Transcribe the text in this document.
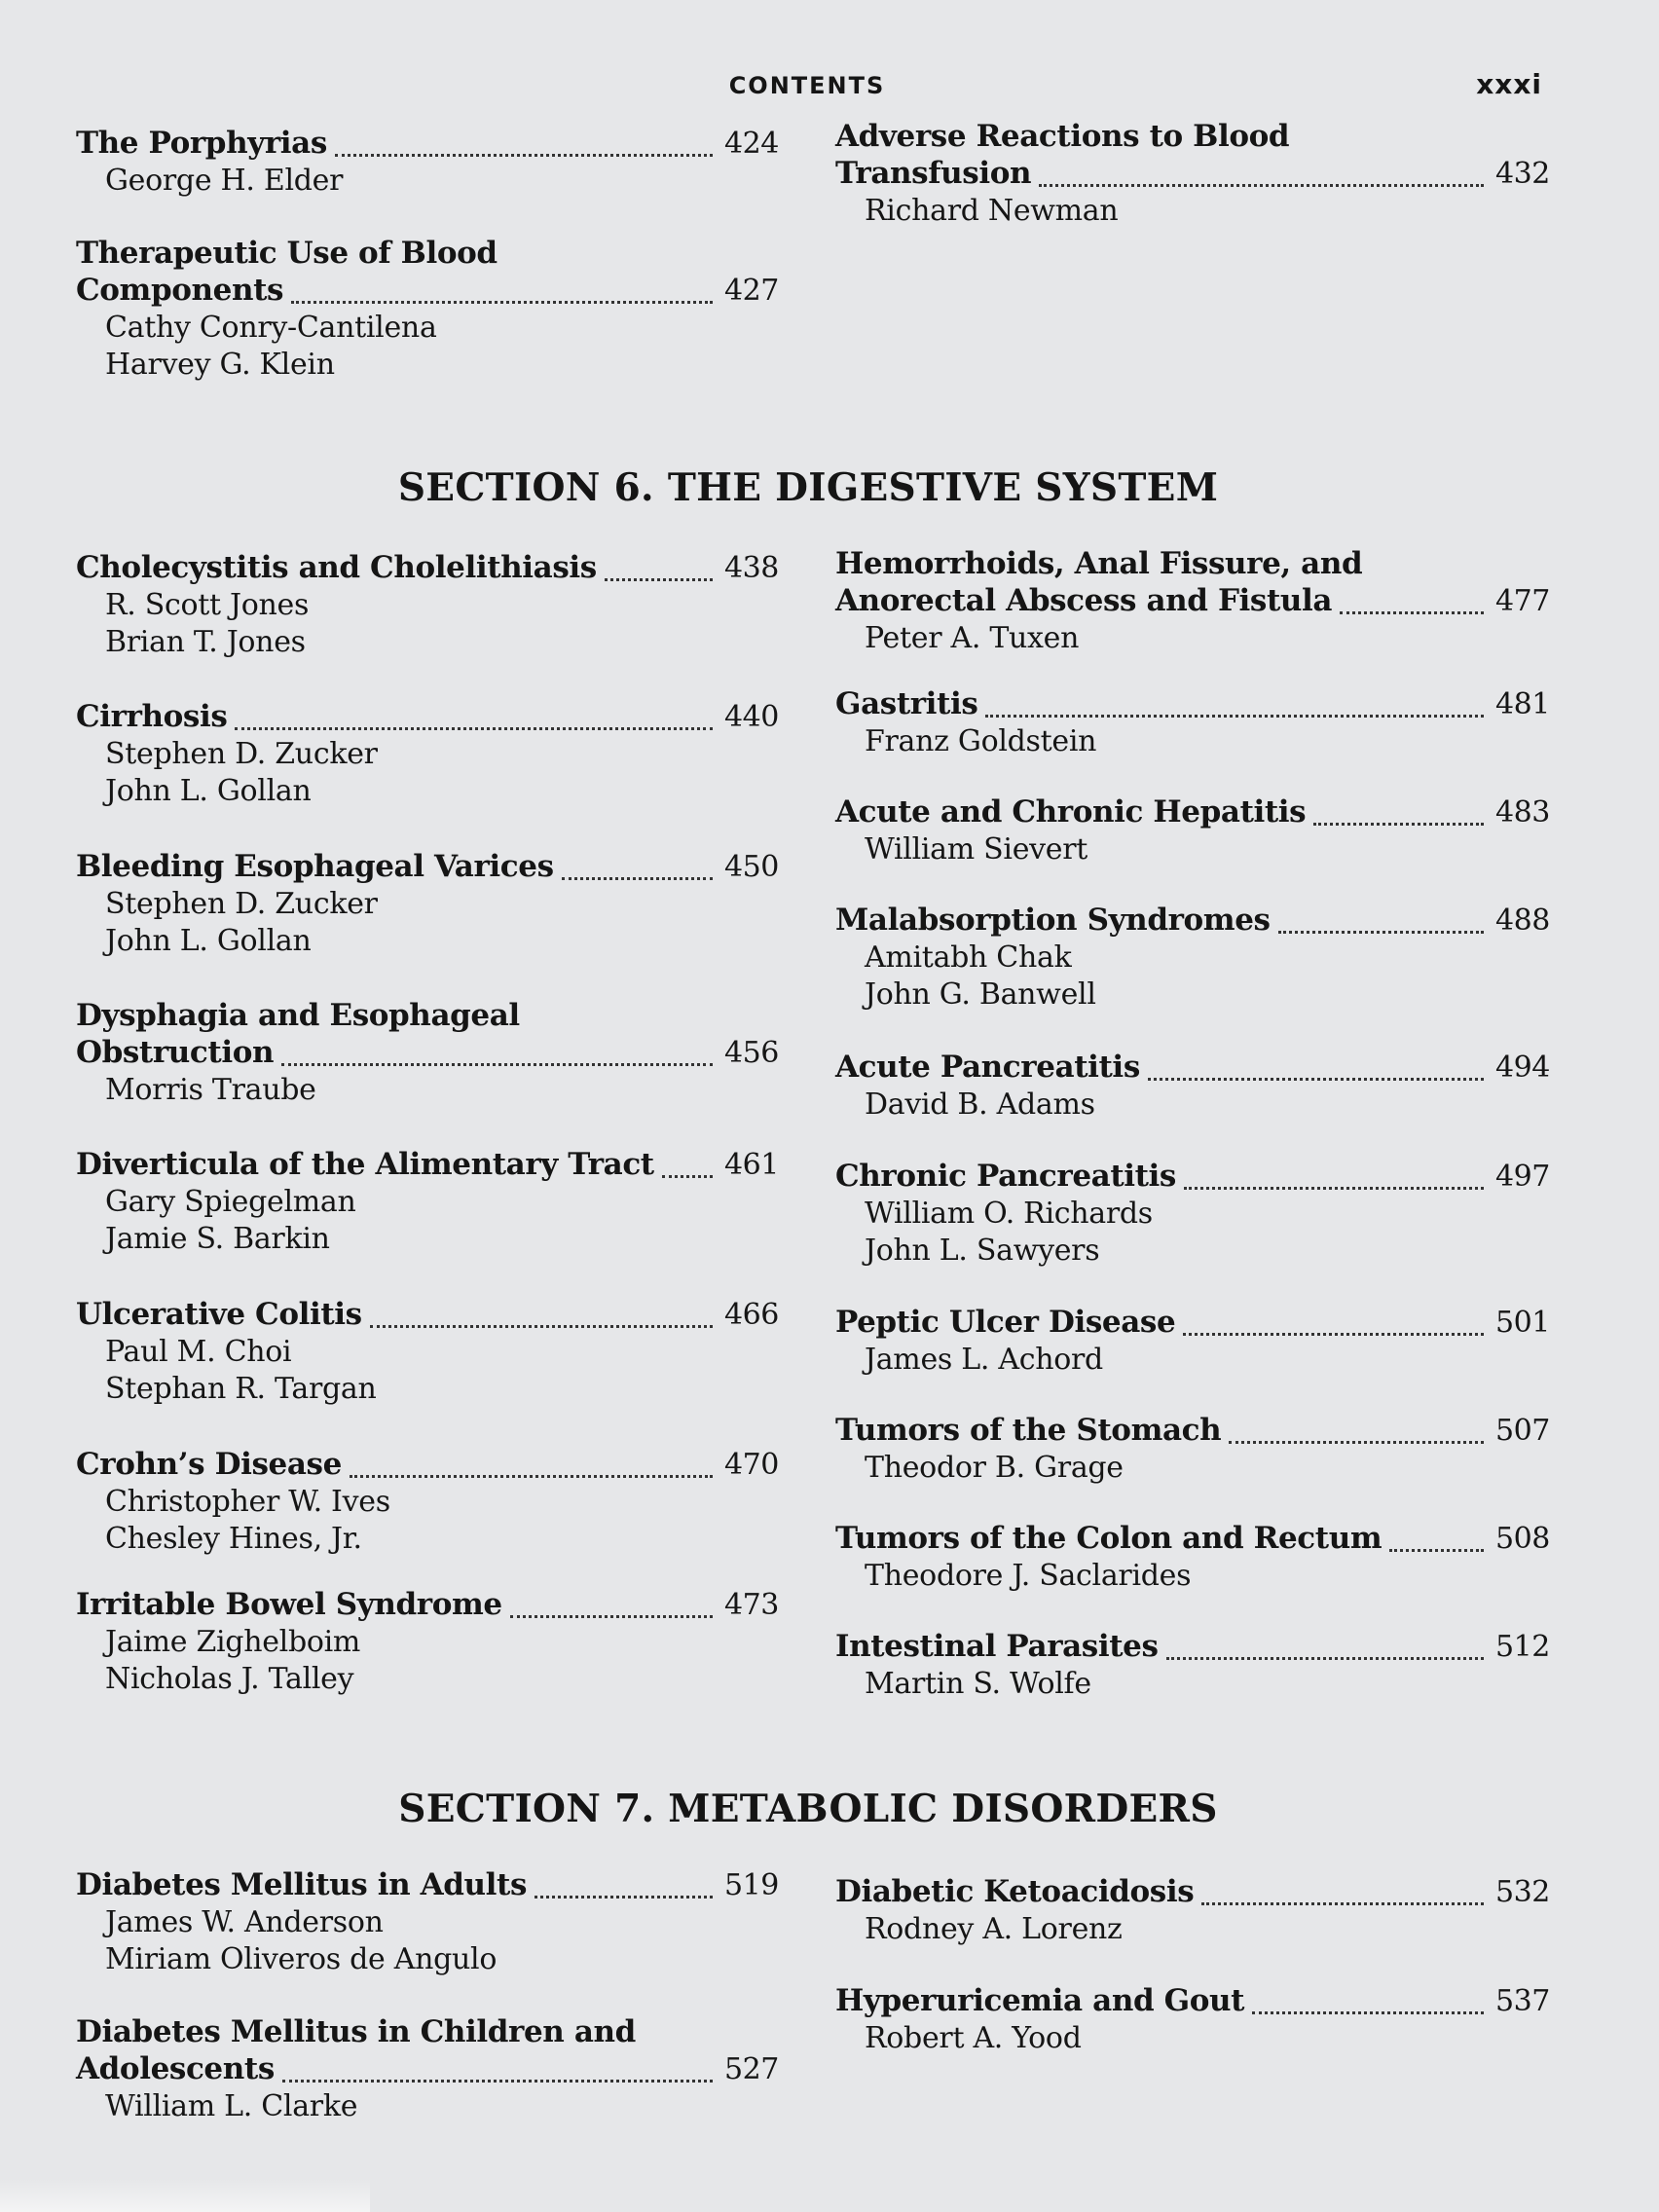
CONTENTS	xxxi
The Porphyrias	424
George H. Elder
Therapeutic Use of Blood
Components	427
Cathy Conry-Cantilena
Harvey G. Klein
Adverse Reactions to Blood
Transfusion	432
Richard Newman
SECTION 6. THE DIGESTIVE SYSTEM
Cholecystitis and Cholelithiasis	438
R. Scott Jones
Brian T. Jones
Cirrhosis	440
Stephen D. Zucker
John L. Gollan
Bleeding Esophageal Varices	450
Stephen D. Zucker
John L. Gollan
Dysphagia and Esophageal
Obstruction	456
Morris Traube
Diverticula of the Alimentary Tract 461
Gary Spiegelman
Jamie S. Barkin
Ulcerative Colitis	466
Paul M. Choi
Stephan R. Targan
Crohn’s Disease	470
Christopher W. Ives
Chesley Hines, Jr.
Irritable Bowel Syndrome	473
Jaime Zighelboim
Nicholas J. Talley
Hemorrhoids, Anal Fissure, and
Anorectal Abscess and Fistula	477
Peter A. Tuxen
Gastritis	481
Franz Goldstein
Acute and Chronic Hepatitis	483
William Sievert
Malabsorption Syndromes	488
Amitabh Chak
John G. Banwell
Acute Pancreatitis	494
David B. Adams
Chronic Pancreatitis	497
William O. Richards
John L. Sawyers
Peptic Ulcer Disease	501
James L. Achord
Tumors of the Stomach	507
Theodor B. Grage
Tumors of the Colon and Rectum	508
Theodore J. Saclarides
Intestinal Parasites	512
Martin S. Wolfe
SECTION 7. METABOLIC DISORDERS
Diabetes Mellitus in Adults	519
James W. Anderson
Miriam Oliveros de Angulo
Diabetes Mellitus in Children and
Adolescents	527
William L. Clarke
Diabetic Ketoacidosis	532
Rodney A. Lorenz
Hyperuricemia and Gout	537
Robert A. Yood
